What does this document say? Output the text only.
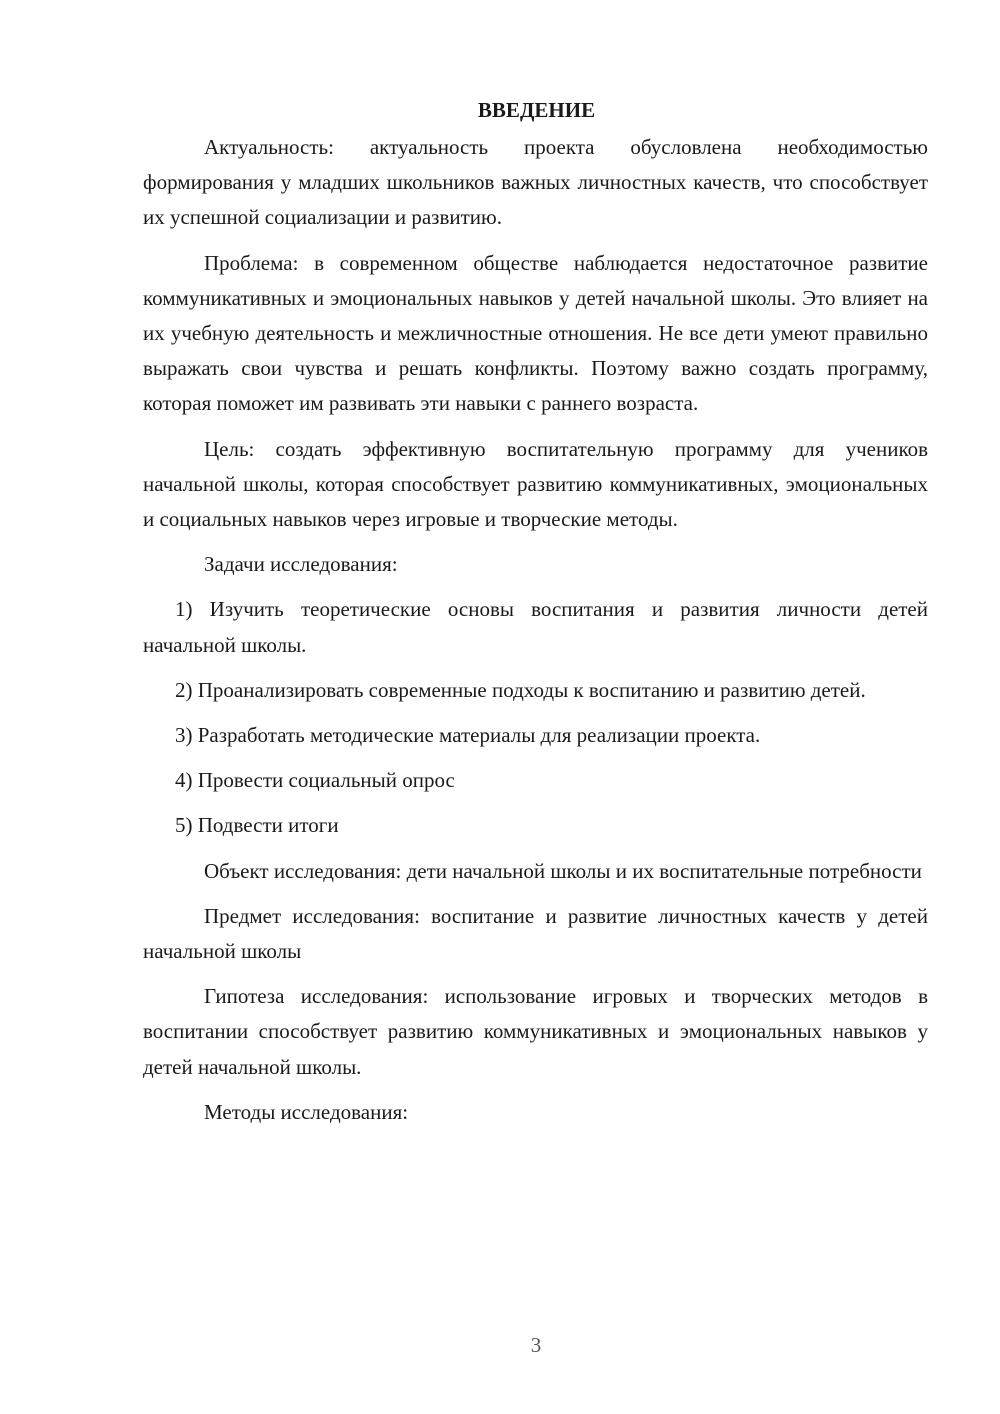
ВВЕДЕНИЕ

Актуальность: актуальность проекта обусловлена необходимостью формирования у младших школьников важных личностных качеств, что способствует их успешной социализации и развитию.

Проблема: в современном обществе наблюдается недостаточное развитие коммуникативных и эмоциональных навыков у детей начальной школы. Это влияет на их учебную деятельность и межличностные отношения. Не все дети умеют правильно выражать свои чувства и решать конфликты. Поэтому важно создать программу, которая поможет им развивать эти навыки с раннего возраста.

Цель: создать эффективную воспитательную программу для учеников начальной школы, которая способствует развитию коммуникативных, эмоциональных и социальных навыков через игровые и творческие методы.

Задачи исследования:

1) Изучить теоретические основы воспитания и развития личности детей начальной школы.

2) Проанализировать современные подходы к воспитанию и развитию детей.

3) Разработать методические материалы для реализации проекта.

4) Провести социальный опрос

5) Подвести итоги

Объект исследования: дети начальной школы и их воспитательные потребности

Предмет исследования: воспитание и развитие личностных качеств у детей начальной школы

Гипотеза исследования: использование игровых и творческих методов в воспитании способствует развитию коммуникативных и эмоциональных навыков у детей начальной школы.

Методы исследования:

3
